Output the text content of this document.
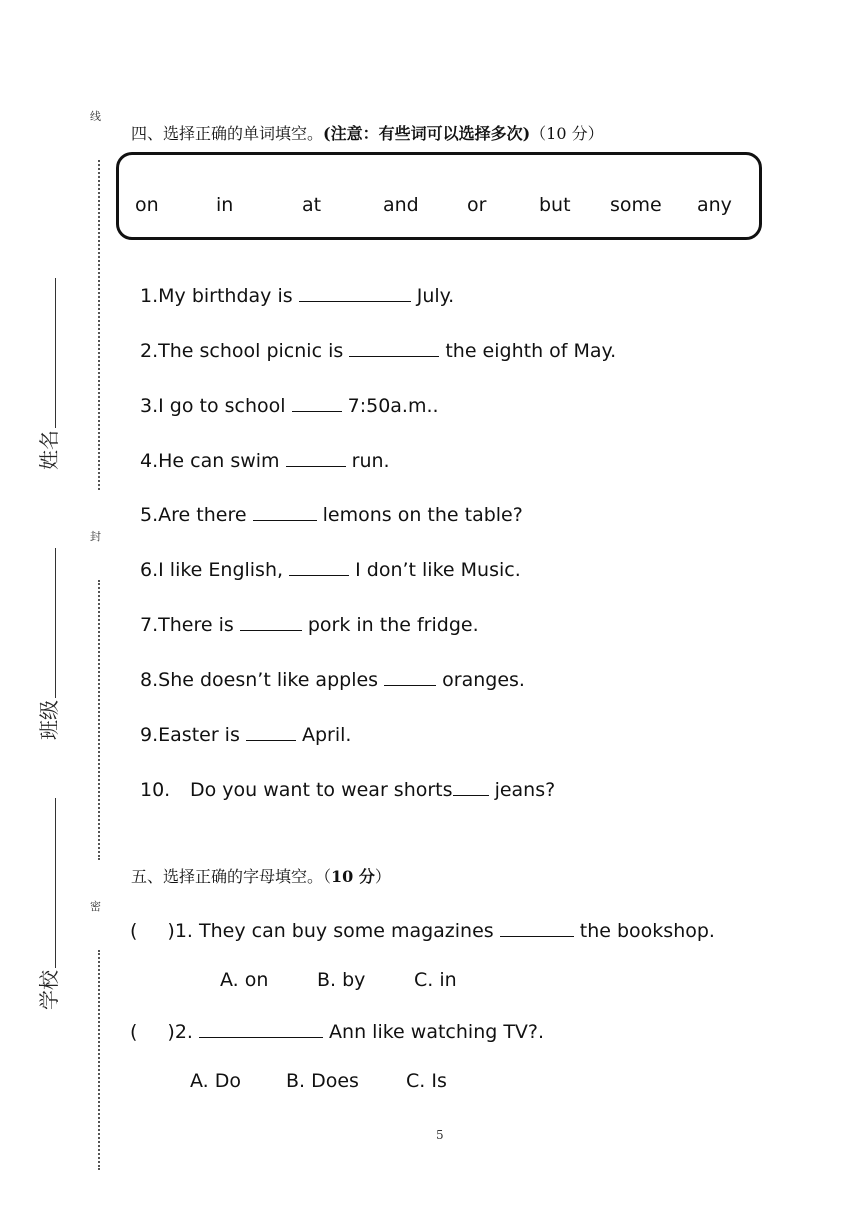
线
封
密
姓名
班级
学校
四、选择正确的单词填空。(注意：有些词可以选择多次)（10 分）
on	in	at	and	or	but some any
1.My birthday is	July.
2.The school picnic is	the eighth of May.
3.I go to school	7:50a.m..
4.He can swim	run.
5.Are there	lemons on the table?
6.I like English,	I don’t like Music.
7.There is	pork in the fridge.
8.She doesn’t like apples	oranges.
9.Easter is	April.
10. Do you want to wear shorts jeans?
五、选择正确的字母填空。（10 分）
( )1. They can buy some magazines	the bookshop.
A. on	B. by	C. in
( )2.	Ann like watching TV?.
A. Do B. Does C. Is
5
